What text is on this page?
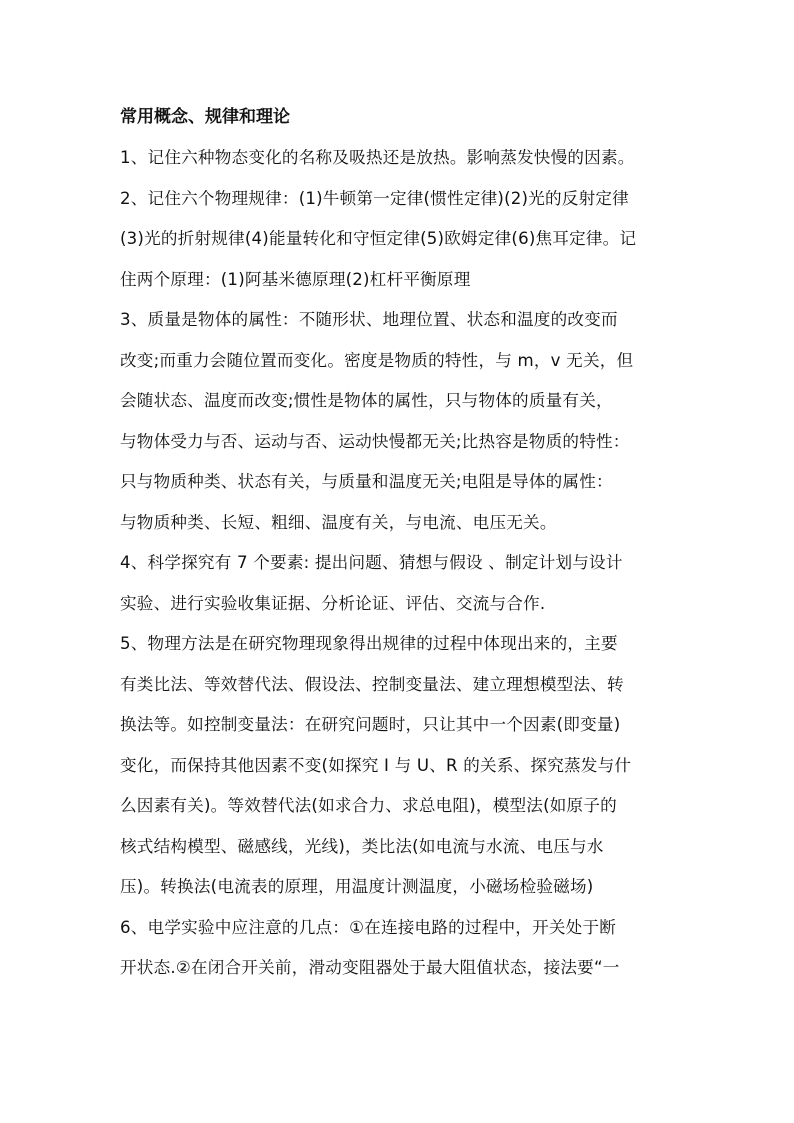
常用概念、规律和理论
1、记住六种物态变化的名称及吸热还是放热。影响蒸发快慢的因素。
2、记住六个物理规律：(1)牛顿第一定律(惯性定律)(2)光的反射定律
(3)光的折射规律(4)能量转化和守恒定律(5)欧姆定律(6)焦耳定律。记
住两个原理：(1)阿基米德原理(2)杠杆平衡原理
3、质量是物体的属性：不随形状、地理位置、状态和温度的改变而
改变;而重力会随位置而变化。密度是物质的特性，与 m，v 无关，但
会随状态、温度而改变;惯性是物体的属性，只与物体的质量有关，
与物体受力与否、运动与否、运动快慢都无关;比热容是物质的特性：
只与物质种类、状态有关，与质量和温度无关;电阻是导体的属性：
与物质种类、长短、粗细、温度有关，与电流、电压无关。
4、科学探究有 7 个要素: 提出问题、猜想与假设 、制定计划与设计
实验、进行实验收集证据、分析论证、评估、交流与合作.
5、物理方法是在研究物理现象得出规律的过程中体现出来的，主要
有类比法、等效替代法、假设法、控制变量法、建立理想模型法、转
换法等。如控制变量法：在研究问题时，只让其中一个因素(即变量)
变化，而保持其他因素不变(如探究 I 与 U、R 的关系、探究蒸发与什
么因素有关)。等效替代法(如求合力、求总电阻)，模型法(如原子的
核式结构模型、磁感线，光线)，类比法(如电流与水流、电压与水
压)。转换法(电流表的原理，用温度计测温度，小磁场检验磁场)
6、电学实验中应注意的几点：①在连接电路的过程中，开关处于断
开状态.②在闭合开关前，滑动变阻器处于最大阻值状态，接法要“一
